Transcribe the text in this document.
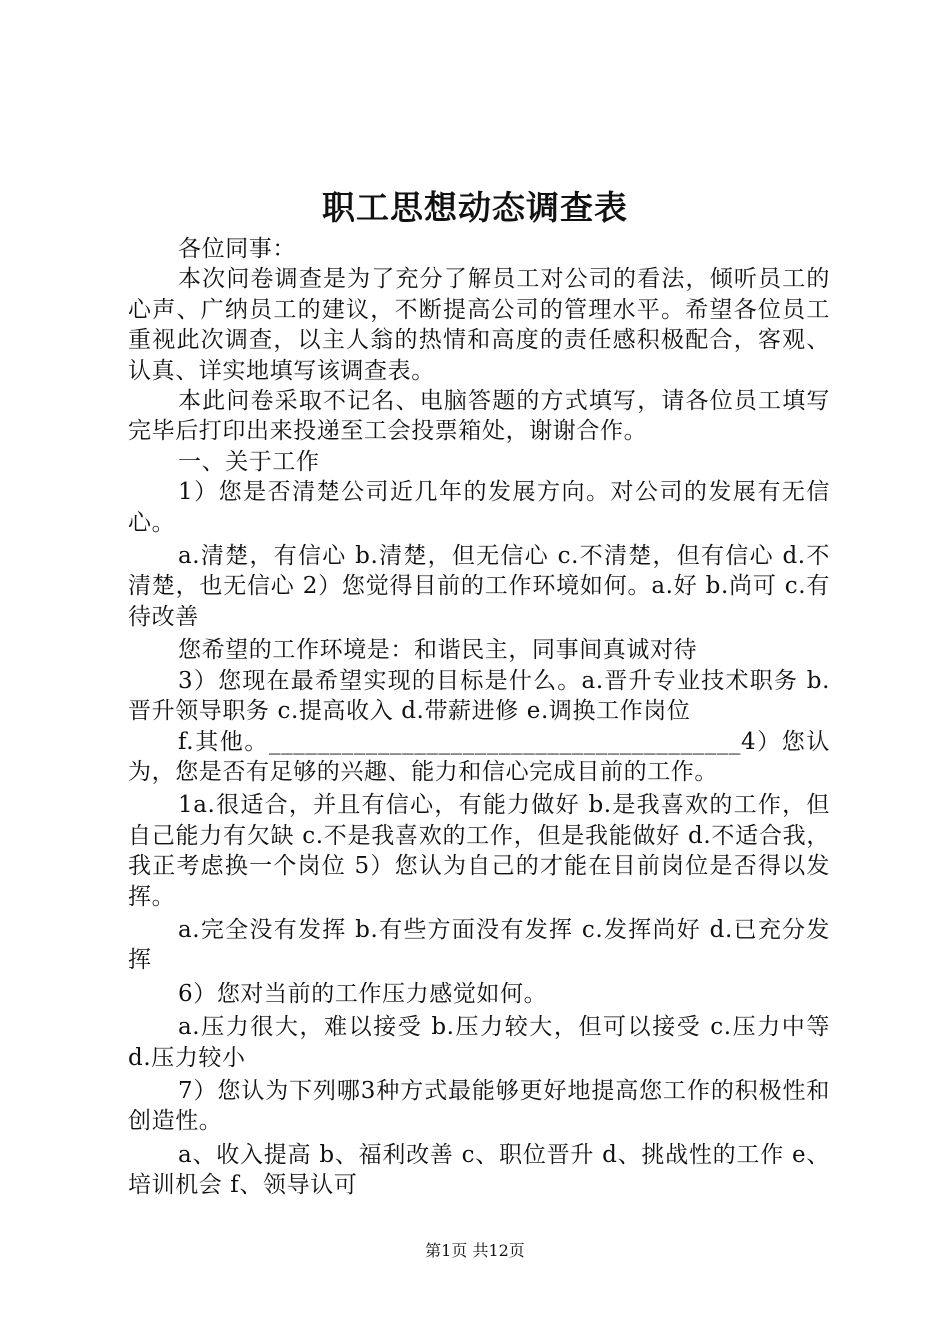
职工思想动态调查表

各位同事：

本次问卷调查是为了充分了解员工对公司的看法，倾听员工的心声、广纳员工的建议，不断提高公司的管理水平。希望各位员工重视此次调查，以主人翁的热情和高度的责任感积极配合，客观、认真、详实地填写该调查表。

本此问卷采取不记名、电脑答题的方式填写，请各位员工填写完毕后打印出来投递至工会投票箱处，谢谢合作。

一、关于工作

1）您是否清楚公司近几年的发展方向。对公司的发展有无信心。

a.清楚，有信心 b.清楚，但无信心 c.不清楚，但有信心 d.不清楚，也无信心 2）您觉得目前的工作环境如何。a.好 b.尚可 c.有待改善

您希望的工作环境是：和谐民主，同事间真诚对待

3）您现在最希望实现的目标是什么。a.晋升专业技术职务 b.晋升领导职务 c.提高收入 d.带薪进修 e.调换工作岗位

f.其他。_______________________________________4）您认为，您是否有足够的兴趣、能力和信心完成目前的工作。

1a.很适合，并且有信心，有能力做好 b.是我喜欢的工作，但自己能力有欠缺 c.不是我喜欢的工作，但是我能做好 d.不适合我，我正考虑换一个岗位 5）您认为自己的才能在目前岗位是否得以发挥。

a.完全没有发挥 b.有些方面没有发挥 c.发挥尚好 d.已充分发挥

6）您对当前的工作压力感觉如何。

a.压力很大，难以接受 b.压力较大，但可以接受 c.压力中等 d.压力较小

7）您认为下列哪3种方式最能够更好地提高您工作的积极性和创造性。

a、收入提高 b、福利改善 c、职位晋升 d、挑战性的工作 e、培训机会 f、领导认可

第1页 共12页
